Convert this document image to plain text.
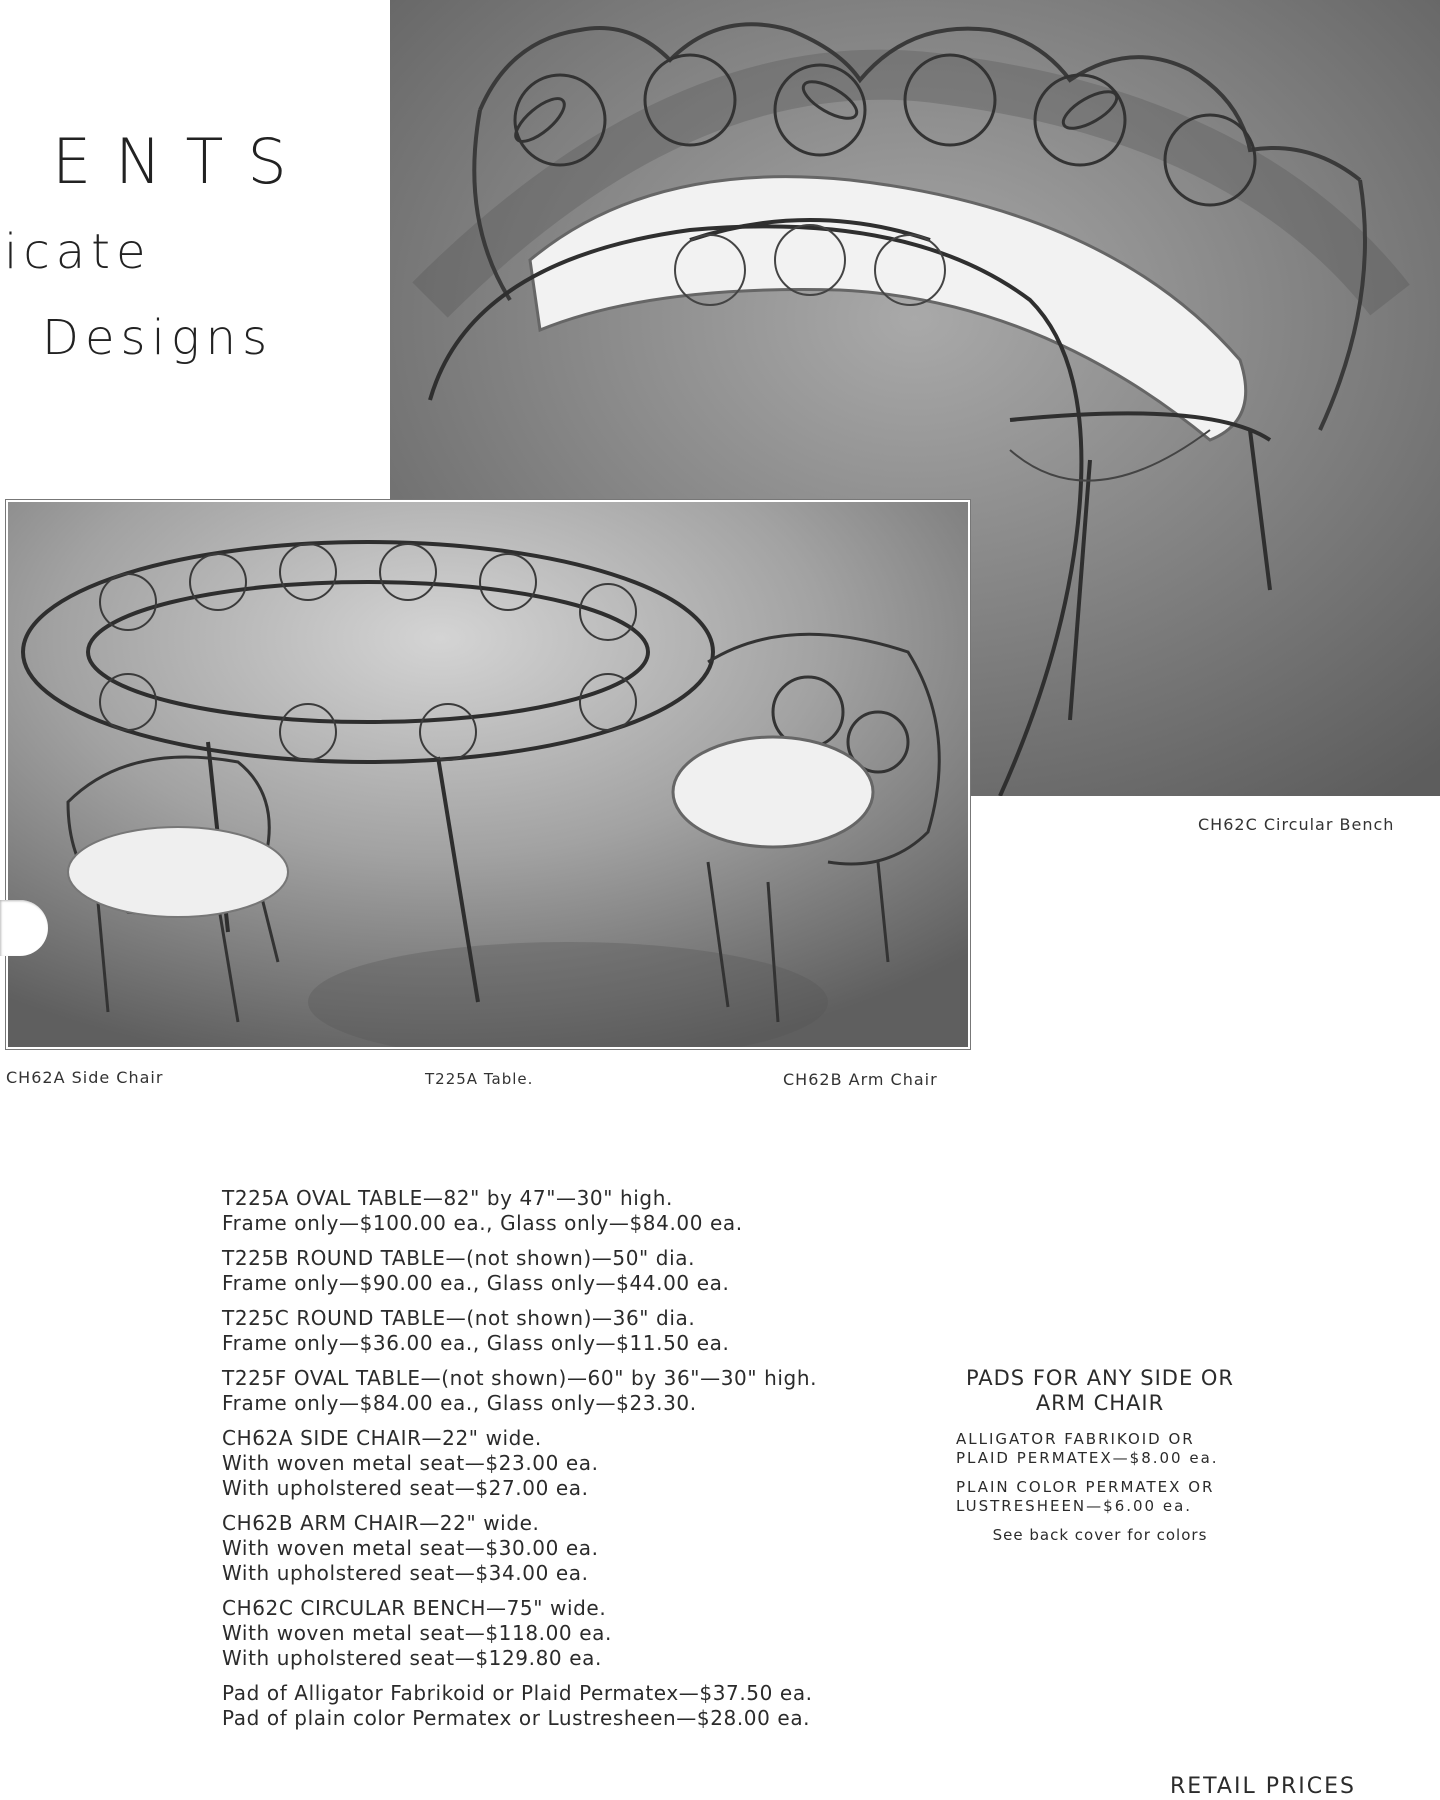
ENTS
icate
Designs
CH62C Circular Bench
CH62A Side Chair	T225A Table.	CH62B Arm Chair
T225A OVAL TABLE—82" by 47"—30" high.
Frame only—$100.00 ea., Glass only—$84.00 ea.
T225B ROUND TABLE—(not shown)—50" dia.
Frame only—$90.00 ea., Glass only—$44.00 ea.
T225C ROUND TABLE—(not shown)—36" dia.
Frame only—$36.00 ea., Glass only—$11.50 ea.
T225F OVAL TABLE—(not shown)—60" by 36"—30" high.
Frame only—$84.00 ea., Glass only—$23.30.
CH62A SIDE CHAIR—22" wide.
With woven metal seat—$23.00 ea.
With upholstered seat—$27.00 ea.
CH62B ARM CHAIR—22" wide.
With woven metal seat—$30.00 ea.
With upholstered seat—$34.00 ea.
CH62C CIRCULAR BENCH—75" wide.
With woven metal seat—$118.00 ea.
With upholstered seat—$129.80 ea.
Pad of Alligator Fabrikoid or Plaid Permatex—$37.50 ea.
Pad of plain color Permatex or Lustresheen—$28.00 ea.
PADS FOR ANY SIDE OR
ARM CHAIR
ALLIGATOR FABRIKOID OR
PLAID PERMATEX—$8.00 ea.
PLAIN COLOR PERMATEX OR
LUSTRESHEEN—$6.00 ea.
See back cover for colors
RETAIL PRICES
